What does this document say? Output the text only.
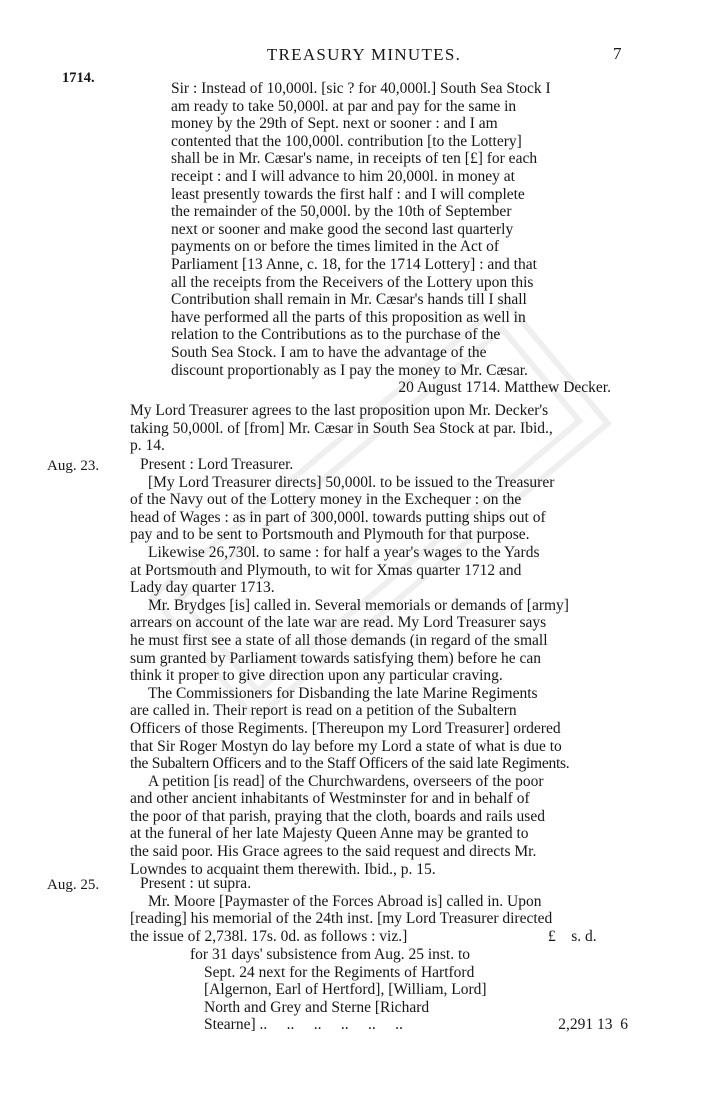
TREASURY MINUTES.	7
1714.
Sir : Instead of 10,000l. [sic ? for 40,000l.] South Sea Stock I
am ready to take 50,000l. at par and pay for the same in
money by the 29th of Sept. next or sooner : and I am
contented that the 100,000l. contribution [to the Lottery]
shall be in Mr. Cæsar's name, in receipts of ten [£] for each
receipt : and I will advance to him 20,000l. in money at
least presently towards the first half : and I will complete
the remainder of the 50,000l. by the 10th of September
next or sooner and make good the second last quarterly
payments on or before the times limited in the Act of
Parliament [13 Anne, c. 18, for the 1714 Lottery] : and that
all the receipts from the Receivers of the Lottery upon this
Contribution shall remain in Mr. Cæsar's hands till I shall
have performed all the parts of this proposition as well in
relation to the Contributions as to the purchase of the
South Sea Stock. I am to have the advantage of the
discount proportionably as I pay the money to Mr. Cæsar.
20 August 1714. Matthew Decker.
My Lord Treasurer agrees to the last proposition upon Mr. Decker's
taking 50,000l. of [from] Mr. Cæsar in South Sea Stock at par. Ibid.,
p. 14.
Aug. 23.	Present : Lord Treasurer.
[My Lord Treasurer directs] 50,000l. to be issued to the Treasurer
of the Navy out of the Lottery money in the Exchequer : on the
head of Wages : as in part of 300,000l. towards putting ships out of
pay and to be sent to Portsmouth and Plymouth for that purpose.
Likewise 26,730l. to same : for half a year's wages to the Yards
at Portsmouth and Plymouth, to wit for Xmas quarter 1712 and
Lady day quarter 1713.
Mr. Brydges [is] called in. Several memorials or demands of [army]
arrears on account of the late war are read. My Lord Treasurer says
he must first see a state of all those demands (in regard of the small
sum granted by Parliament towards satisfying them) before he can
think it proper to give direction upon any particular craving.
The Commissioners for Disbanding the late Marine Regiments
are called in. Their report is read on a petition of the Subaltern
Officers of those Regiments. [Thereupon my Lord Treasurer] ordered
that Sir Roger Mostyn do lay before my Lord a state of what is due to
the Subaltern Officers and to the Staff Officers of the said late Regiments.
A petition [is read] of the Churchwardens, overseers of the poor
and other ancient inhabitants of Westminster for and in behalf of
the poor of that parish, praying that the cloth, boards and rails used
at the funeral of her late Majesty Queen Anne may be granted to
the said poor. His Grace agrees to the said request and directs Mr.
Lowndes to acquaint them therewith. Ibid., p. 15.
Aug. 25.	Present : ut supra.
Mr. Moore [Paymaster of the Forces Abroad is] called in. Upon
[reading] his memorial of the 24th inst. [my Lord Treasurer directed
the issue of 2,738l. 17s. 0d. as follows : viz.]	£    s. d.
for 31 days' subsistence from Aug. 25 inst. to
Sept. 24 next for the Regiments of Hartford
[Algernon, Earl of Hertford], [William, Lord]
North and Grey and Sterne [Richard
Stearne] ..     ..     ..     ..     ..     ..	2,291 13  6
